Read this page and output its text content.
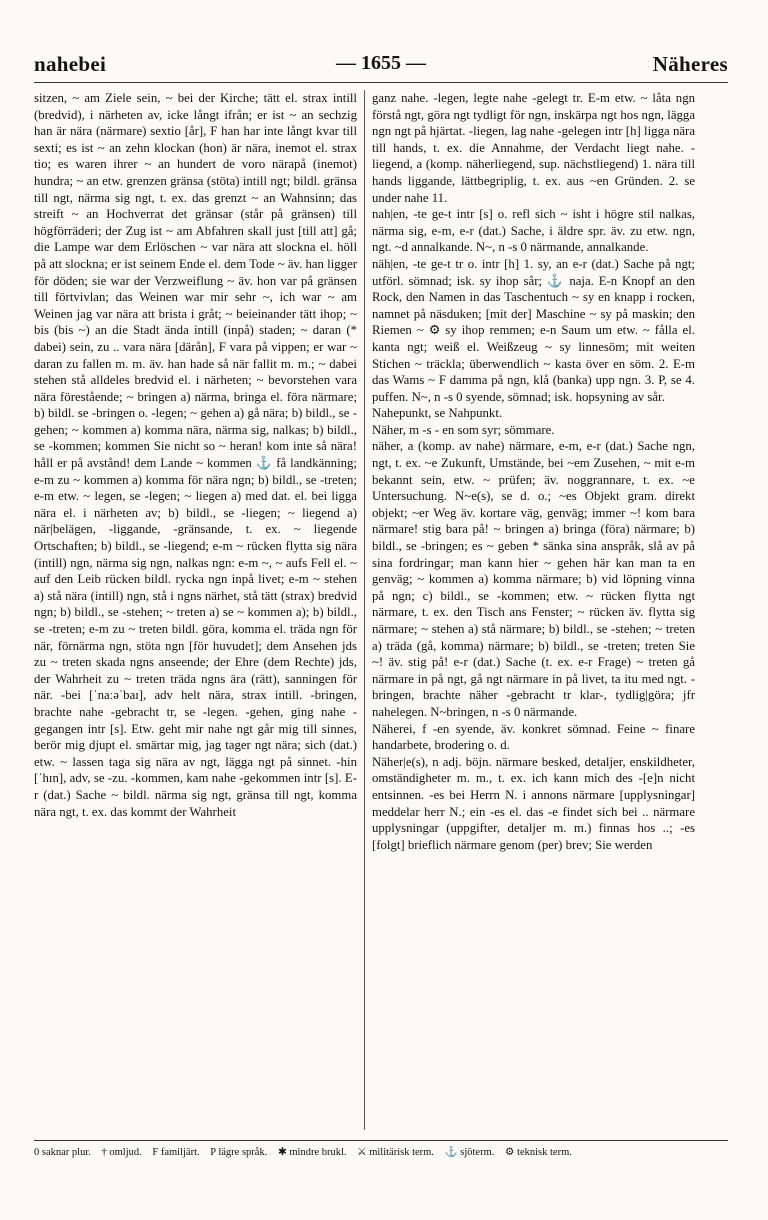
nahebei	— 1655 —	Näheres

sitzen, ~ am Ziele sein, ~ bei der Kirche; tätt el. strax intill (bredvid), i närheten av, icke långt ifrån; er ist ~ an sechzig han är nära (närmare) sextio [år], F han har inte långt kvar till sexti; es ist ~ an zehn klockan (hon) är nära, inemot el. strax tio; es waren ihrer ~ an hundert de voro närapå (inemot) hundra; ~ an etw. grenzen gränsa (stöta) intill ngt; bildl. gränsa till ngt, närma sig ngt, t. ex. das grenzt ~ an Wahnsinn; das streift ~ an Hochverrat det gränsar (står på gränsen) till högförräderi; der Zug ist ~ am Abfahren skall just [till att] gå; die Lampe war dem Erlöschen ~ var nära att slockna el. höll på att slockna; er ist seinem Ende el. dem Tode ~ äv. han ligger för döden; sie war der Verzweiflung ~ äv. hon var på gränsen till förtvivlan; das Weinen war mir sehr ~, ich war ~ am Weinen jag var nära att brista i gråt; ~ beieinander tätt ihop; ~ bis (bis ~) an die Stadt ända intill (inpå) staden; ~ daran (* dabei) sein, zu .. vara nära [därån], F vara på vippen; er war ~ daran zu fallen m. m. äv. han hade så när fallit m. m.; ~ dabei stehen stå alldeles bredvid el. i närheten; ~ bevorstehen vara nära förestående; ~ bringen a) närma, bringa el. föra närmare; b) bildl. se -bringen o. -legen; ~ gehen a) gå nära; b) bildl., se -gehen; ~ kommen a) komma nära, närma sig, nalkas; b) bildl., se -kommen; kommen Sie nicht so ~ heran! kom inte så nära! håll er på avstånd! dem Lande ~ kommen ⚓ få landkänning; e-m zu ~ kommen a) komma för nära ngn; b) bildl., se -treten; e-m etw. ~ legen, se -legen; ~ liegen a) med dat. el. bei ligga nära el. i närheten av; b) bildl., se -liegen; ~ liegend a) när|belägen, -liggande, -gränsande, t. ex. ~ liegende Ortschaften; b) bildl., se -liegend; e-m ~ rücken flytta sig nära (intill) ngn, närma sig ngn, nalkas ngn: e-m ~, ~ aufs Fell el. ~ auf den Leib rücken bildl. rycka ngn inpå livet; e-m ~ stehen a) stå nära (intill) ngn, stå i ngns närhet, stå tätt (strax) bredvid ngn; b) bildl., se -stehen; ~ treten a) se ~ kommen a); b) bildl., se -treten; e-m zu ~ treten bildl. göra, komma el. träda ngn för när, förnärma ngn, stöta ngn [för huvudet]; dem Ansehen jds zu ~ treten skada ngns anseende; der Ehre (dem Rechte) jds, der Wahrheit zu ~ treten träda ngns ära (rätt), sanningen för när. -bei [ˈnaːəˈbaɪ], adv helt nära, strax intill. -bringen, brachte nahe -gebracht tr, se -legen. -gehen, ging nahe -gegangen intr [s]. Etw. geht mir nahe ngt går mig till sinnes, berör mig djupt el. smärtar mig, jag tager ngt nära; sich (dat.) etw. ~ lassen taga sig nära av ngt, lägga ngt på sinnet. -hin [ˈhɪn], adv, se -zu. -kommen, kam nahe -gekommen intr [s]. E-r (dat.) Sache ~ bildl. närma sig ngt, gränsa till ngt, komma nära ngt, t. ex. das kommt der Wahrheit

ganz nahe. -legen, legte nahe -gelegt tr. E-m etw. ~ låta ngn förstå ngt, göra ngt tydligt för ngn, inskärpa ngt hos ngn, lägga ngn ngt på hjärtat. -liegen, lag nahe -gelegen intr [h] ligga nära till hands, t. ex. die Annahme, der Verdacht liegt nahe. -liegend, a (komp. näherliegend, sup. nächstliegend) 1. nära till hands liggande, lättbegriplig, t. ex. aus ~en Gründen. 2. se under nahe 11.

nah|en, -te ge-t intr [s] o. refl sich ~ isht i högre stil nalkas, närma sig, e-m, e-r (dat.) Sache, i äldre spr. äv. zu etw. ngn, ngt. ~d annalkande. N~, n -s 0 närmande, annalkande.

näh|en, -te ge-t tr o. intr [h] 1. sy, an e-r (dat.) Sache på ngt; utförl. sömnad; isk. sy ihop sår; ⚓ naja. E-n Knopf an den Rock, den Namen in das Taschentuch ~ sy en knapp i rocken, namnet på näsduken; [mit der] Maschine ~ sy på maskin; den Riemen ~ ⚙ sy ihop remmen; e-n Saum um etw. ~ fålla el. kanta ngt; weiß el. Weißzeug ~ sy linnesöm; mit weiten Stichen ~ träckla; überwendlich ~ kasta över en söm. 2. E-m das Wams ~ F damma på ngn, klå (banka) upp ngn. 3. P, se 4. puffen. N~, n -s 0 syende, sömnad; isk. hopsyning av sår.

Nahepunkt, se Nahpunkt.

Näher, m -s - en som syr; sömmare.

näher, a (komp. av nahe) närmare, e-m, e-r (dat.) Sache ngn, ngt, t. ex. ~e Zukunft, Umstände, bei ~em Zusehen, ~ mit e-m bekannt sein, etw. ~ prüfen; äv. noggrannare, t. ex. ~e Untersuchung. N~e(s), se d. o.; ~es Objekt gram. direkt objekt; ~er Weg äv. kortare väg, genväg; immer ~! kom bara närmare! stig bara på! ~ bringen a) bringa (föra) närmare; b) bildl., se -bringen; es ~ geben * sänka sina anspråk, slå av på sina fordringar; man kann hier ~ gehen här kan man ta en genväg; ~ kommen a) komma närmare; b) vid löpning vinna på ngn; c) bildl., se -kommen; etw. ~ rücken flytta ngt närmare, t. ex. den Tisch ans Fenster; ~ rücken äv. flytta sig närmare; ~ stehen a) stå närmare; b) bildl., se -stehen; ~ treten a) träda (gå, komma) närmare; b) bildl., se -treten; treten Sie ~! äv. stig på! e-r (dat.) Sache (t. ex. e-r Frage) ~ treten gå närmare in på ngt, gå ngt närmare in på livet, ta itu med ngt. -bringen, brachte näher -gebracht tr klar-, tydlig|göra; jfr nahelegen. N~bringen, n -s 0 närmande.

Näherei, f -en syende, äv. konkret sömnad. Feine ~ finare handarbete, brodering o. d.

Näher|e(s), n adj. böjn. närmare besked, detaljer, enskildheter, omständigheter m. m., t. ex. ich kann mich des -[e]n nicht entsinnen. -es bei Herrn N. i annons närmare [upplysningar] meddelar herr N.; ein -es el. das -e findet sich bei .. närmare upplysningar (uppgifter, detaljer m. m.) finnas hos ..; -es [folgt] brieflich närmare genom (per) brev; Sie werden

0 saknar plur. † omljud. F familjärt. P lägre språk. ✱ mindre brukl. ⚔ militärisk term. ⚓ sjöterm. ⚙ teknisk term.
